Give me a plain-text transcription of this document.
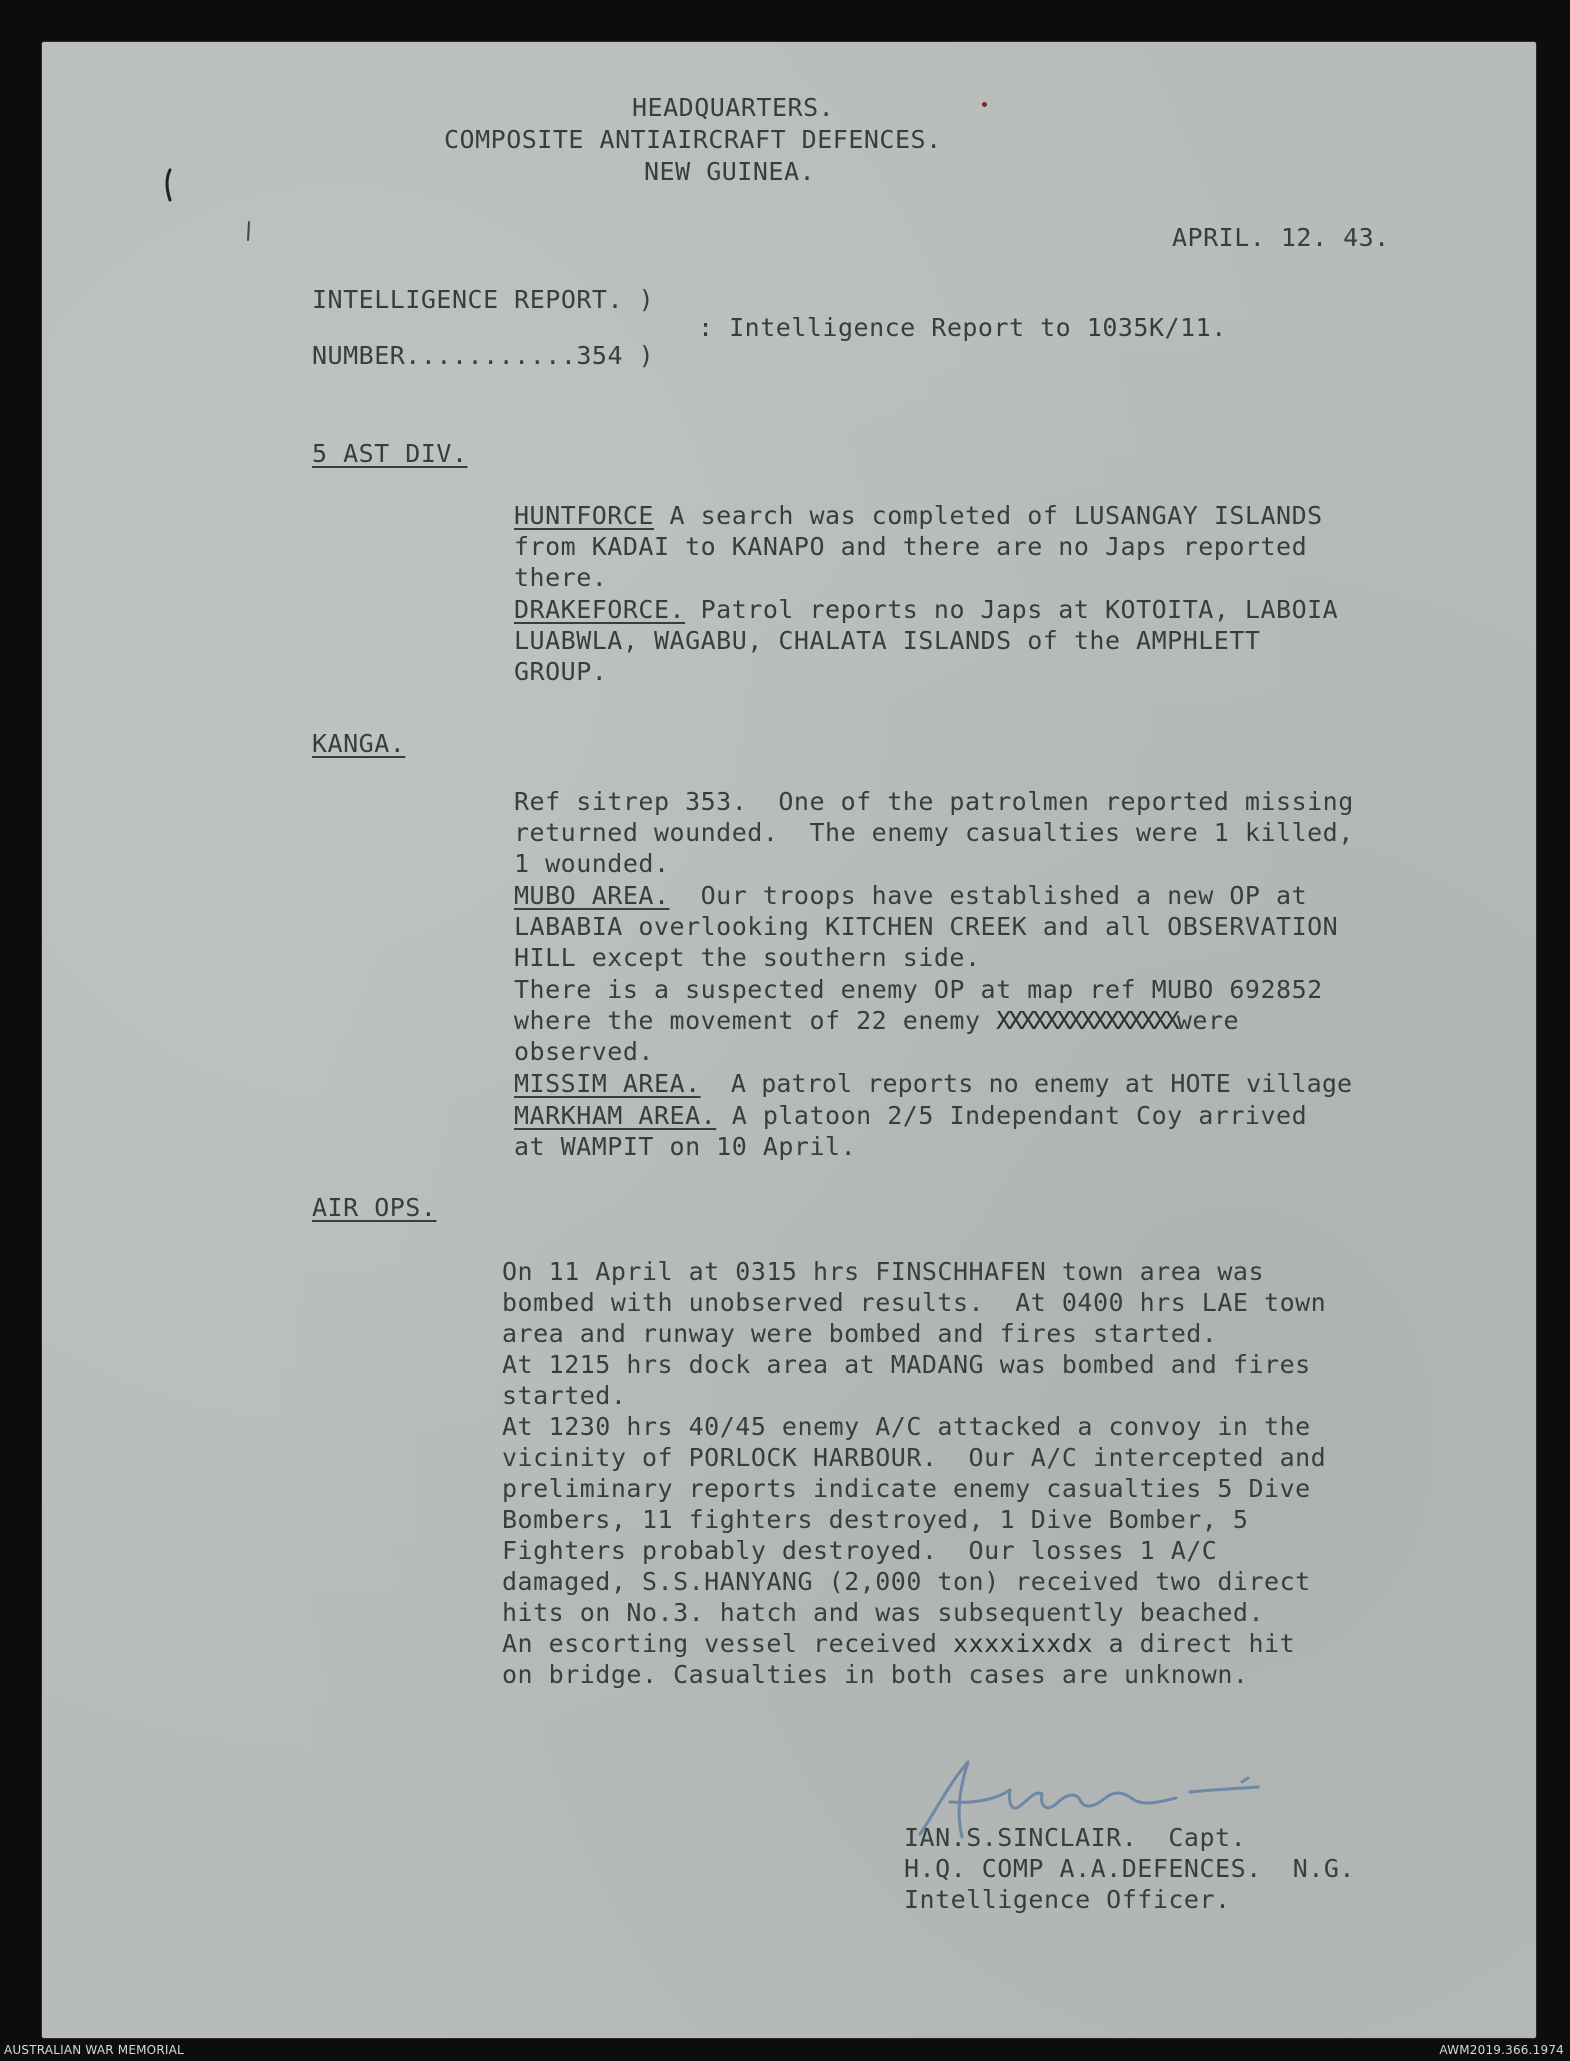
HEADQUARTERS.
COMPOSITE ANTIAIRCRAFT DEFENCES.
NEW GUINEA.
APRIL. 12. 43.
INTELLIGENCE REPORT. )
: Intelligence Report to 1035K/11.
NUMBER...........354 )
5 AST DIV.
HUNTFORCE A search was completed of LUSANGAY ISLANDS
from KADAI to KANAPO and there are no Japs reported
there.
DRAKEFORCE. Patrol reports no Japs at KOTOITA, LABOIA
LUABWLA, WAGABU, CHALATA ISLANDS of the AMPHLETT
GROUP.
KANGA.
Ref sitrep 353.  One of the patrolmen reported missing
returned wounded.  The enemy casualties were 1 killed,
1 wounded.
MUBO AREA.  Our troops have established a new OP at
LABABIA overlooking KITCHEN CREEK and all OBSERVATION
HILL except the southern side.
There is a suspected enemy OP at map ref MUBO 692852
where the movement of 22 enemy XXXXXXXXXXXXXXXwere
observed.
MISSIM AREA.  A patrol reports no enemy at HOTE village
MARKHAM AREA. A platoon 2/5 Independant Coy arrived
at WAMPIT on 10 April.
AIR OPS.
On 11 April at 0315 hrs FINSCHHAFEN town area was
bombed with unobserved results.  At 0400 hrs LAE town
area and runway were bombed and fires started.
At 1215 hrs dock area at MADANG was bombed and fires
started.
At 1230 hrs 40/45 enemy A/C attacked a convoy in the
vicinity of PORLOCK HARBOUR.  Our A/C intercepted and
preliminary reports indicate enemy casualties 5 Dive
Bombers, 11 fighters destroyed, 1 Dive Bomber, 5
Fighters probably destroyed.  Our losses 1 A/C
damaged, S.S.HANYANG (2,000 ton) received two direct
hits on No.3. hatch and was subsequently beached.
An escorting vessel received xxxxixxdx a direct hit
on bridge. Casualties in both cases are unknown.
IAN.S.SINCLAIR.  Capt.
H.Q. COMP A.A.DEFENCES.  N.G.
Intelligence Officer.
AUSTRALIAN WAR MEMORIAL	AWM2019.366.1974
